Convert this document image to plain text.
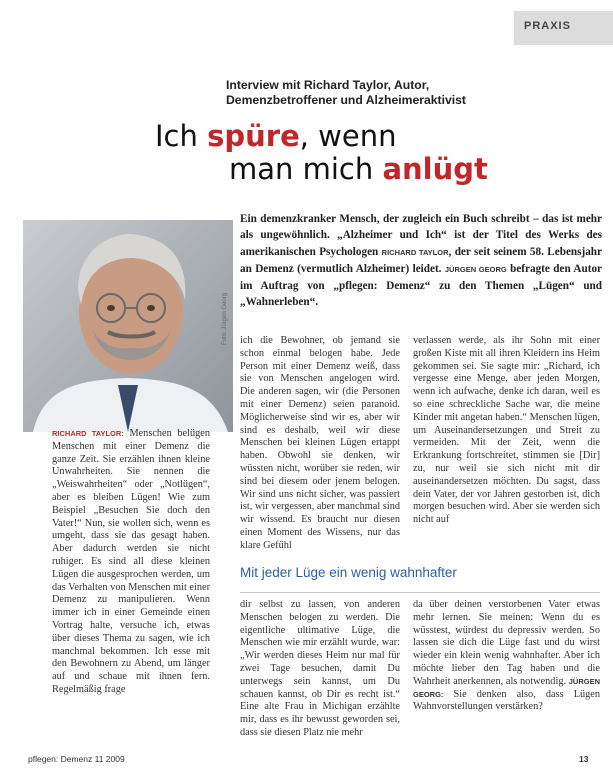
PRAXIS
Interview mit Richard Taylor, Autor,
Demenzbetroffener und Alzheimeraktivist
Ich spüre, wenn
man mich anlügt
Ein demenzkranker Mensch, der zugleich ein Buch schreibt – das ist mehr als ungewöhnlich. „Alzheimer und Ich“ ist der Titel des Werks des amerikanischen Psychologen RICHARD TAYLOR, der seit seinem 58. Lebensjahr an Demenz (vermutlich Alzheimer) leidet. JÜRGEN GEORG befragte den Autor im Auftrag von „pflegen: Demenz“ zu den Themen „Lügen“ und „Wahnerleben“.
Foto: Jürgen Georg
RICHARD TAYLOR: Menschen belügen Menschen mit einer Demenz die ganze Zeit. Sie erzählen ihnen kleine Unwahrheiten. Sie nennen die „Weiswahrheiten“ oder „Notlügen“, aber es bleiben Lügen! Wie zum Beispiel „Besuchen Sie doch den Vater!“ Nun, sie wollen sich, wenn es umgeht, dass sie das gesagt haben. Aber dadurch werden sie nicht ruhiger. Es sind all diese kleinen Lügen die ausgesprochen werden, um das Verhalten von Menschen mit einer Demenz zu manipulieren. Wenn immer ich in einer Gemeinde einen Vortrag halte, versuche ich, etwas über dieses Thema zu sagen, wie ich manchmal bekommen. Ich esse mit den Bewohnern zu Abend, um länger auf und schaue mit ihnen fern. Regelmäßig frage
ich die Bewohner, ob jemand sie schon einmal belogen habe. Jede Person mit einer Demenz weiß, dass sie von Menschen angelogen wird. Die anderen sagen, wir (die Personen mit einer Demenz) seien paranoid. Möglicherweise sind wir es, aber wir sind es deshalb, weil wir diese Menschen bei kleinen Lügen ertappt haben. Obwohl sie denken, wir wüssten nicht, worüber sie reden, wir sind bei diesem oder jenem belogen. Wir sind uns nicht sicher, was passiert ist, wir vergessen, aber manchmal sind wir wissend. Es braucht nur diesen einen Moment des Wissens, nur das klare Gefühl
verlassen werde, als ihr Sohn mit einer großen Kiste mit all ihren Kleidern ins Heim gekommen sei. Sie sagte mir: „Richard, ich vergesse eine Menge, aber jeden Morgen, wenn ich aufwache, denke ich daran, weil es so eine schreckliche Sache war, die meine Kinder mit angetan haben.“ Menschen lügen, um Auseinandersetzungen und Streit zu vermeiden. Mit der Zeit, wenn die Erkrankung fortschreitet, stimmen sie [Dir] zu, nur weil sie sich nicht mit dir auseinandersetzen möchten. Du sagst, dass dein Vater, der vor Jahren gestorben ist, dich morgen besuchen wird. Aber sie werden sich nicht auf
Mit jeder Lüge ein wenig wahnhafter
dir selbst zu lassen, von anderen Menschen belogen zu werden. Die eigentliche ultimative Lüge, die Menschen wie mir erzählt wurde, war: „Wir werden dieses Heim nur mal für zwei Tage besuchen, damit Du unterwegs sein kannst, um Du schauen kannst, ob Dir es recht ist.“ Eine alte Frau in Michigan erzählte mir, dass es ihr bewusst geworden sei, dass sie diesen Platz nie mehr
da über deinen verstorbenen Vater etwas mehr lernen. Sie meinen: Wenn du es wüsstest, würdest du depressiv werden. So lassen sie dich die Lüge fast und du wirst wieder ein klein wenig wahnhafter. Aber ich möchte lieber den Tag haben und die Wahrheit anerkennen, als notwendig. JÜRGEN GEORG: Sie denken also, dass Lügen Wahnvorstellungen verstärken?
pflegen: Demenz 11 2009	13
